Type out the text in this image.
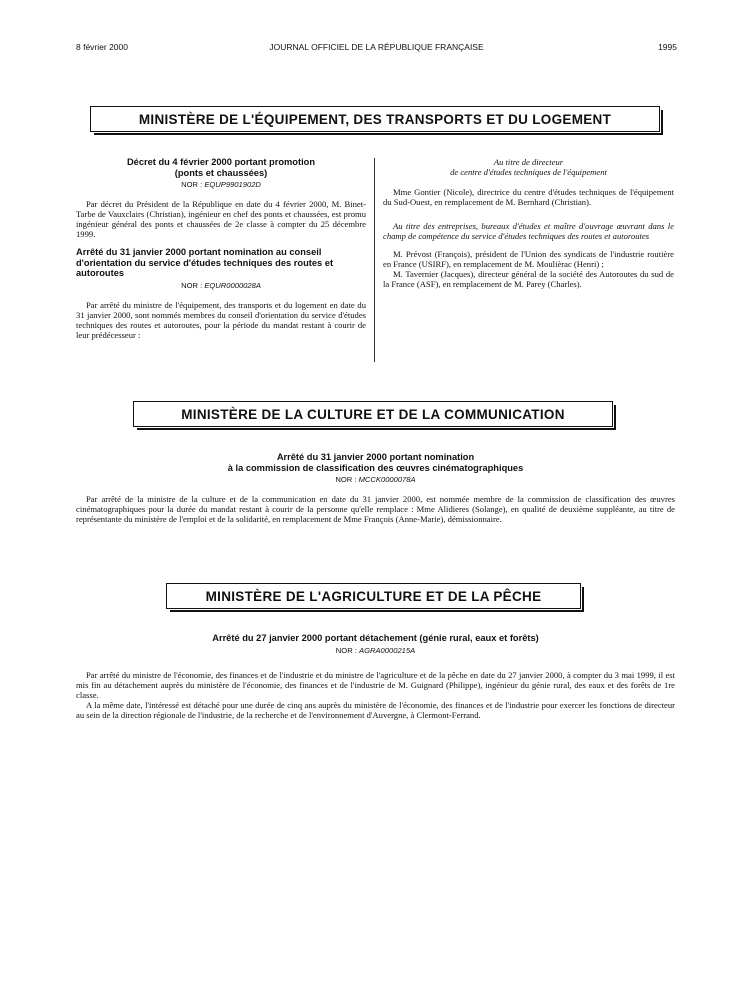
8 février 2000	JOURNAL OFFICIEL DE LA RÉPUBLIQUE FRANÇAISE	1995
MINISTÈRE DE L'ÉQUIPEMENT, DES TRANSPORTS ET DU LOGEMENT
Décret du 4 février 2000 portant promotion
(ponts et chaussées)
NOR : EQUP9901902D

Par décret du Président de la République en date du 4 février 2000, M. Binet-Tarbe de Vauxclairs (Christian), ingénieur en chef des ponts et chaussées, est promu ingénieur général des ponts et chaussées de 2e classe à compter du 25 décembre 1999.

Arrêté du 31 janvier 2000 portant nomination au conseil d'orientation du service d'études techniques des routes et autoroutes
NOR : EQUR0000028A

Par arrêté du ministre de l'équipement, des transports et du logement en date du 31 janvier 2000, sont nommés membres du conseil d'orientation du service d'études techniques des routes et autoroutes, pour la période du mandat restant à courir de leur prédécesseur :

Au titre de directeur
de centre d'études techniques de l'équipement

Mme Gontier (Nicole), directrice du centre d'études techniques de l'équipement du Sud-Ouest, en remplacement de M. Bernhard (Christian).

Au titre des entreprises, bureaux d'études et maître d'ouvrage œuvrant dans le champ de compétence du service d'études techniques des routes et autoroutes

M. Prévost (François), président de l'Union des syndicats de l'industrie routière en France (USIRF), en remplacement de M. Moulièrac (Henri) ;

M. Tavernier (Jacques), directeur général de la société des Autoroutes du sud de la France (ASF), en remplacement de M. Parey (Charles).

MINISTÈRE DE LA CULTURE ET DE LA COMMUNICATION
Arrêté du 31 janvier 2000 portant nomination
à la commission de classification des œuvres cinématographiques
NOR : MCCK0000078A

Par arrêté de la ministre de la culture et de la communication en date du 31 janvier 2000, est nommée membre de la commission de classification des œuvres cinématographiques pour la durée du mandat restant à courir de la personne qu'elle remplace : Mme Alidieres (Solange), en qualité de deuxième suppléante, au titre de représentante du ministère de l'emploi et de la solidarité, en remplacement de Mme François (Anne-Marie), démissionnaire.

MINISTÈRE DE L'AGRICULTURE ET DE LA PÊCHE
Arrêté du 27 janvier 2000 portant détachement (génie rural, eaux et forêts)
NOR : AGRA0000215A

Par arrêté du ministre de l'économie, des finances et de l'industrie et du ministre de l'agriculture et de la pêche en date du 27 janvier 2000, à compter du 3 mai 1999, il est mis fin au détachement auprès du ministère de l'économie, des finances et de l'industrie de M. Guignard (Philippe), ingénieur du génie rural, des eaux et des forêts de 1re classe.

A la même date, l'intéressé est détaché pour une durée de cinq ans auprès du ministère de l'économie, des finances et de l'industrie pour exercer les fonctions de directeur au sein de la direction régionale de l'industrie, de la recherche et de l'environnement d'Auvergne, à Clermont-Ferrand.
